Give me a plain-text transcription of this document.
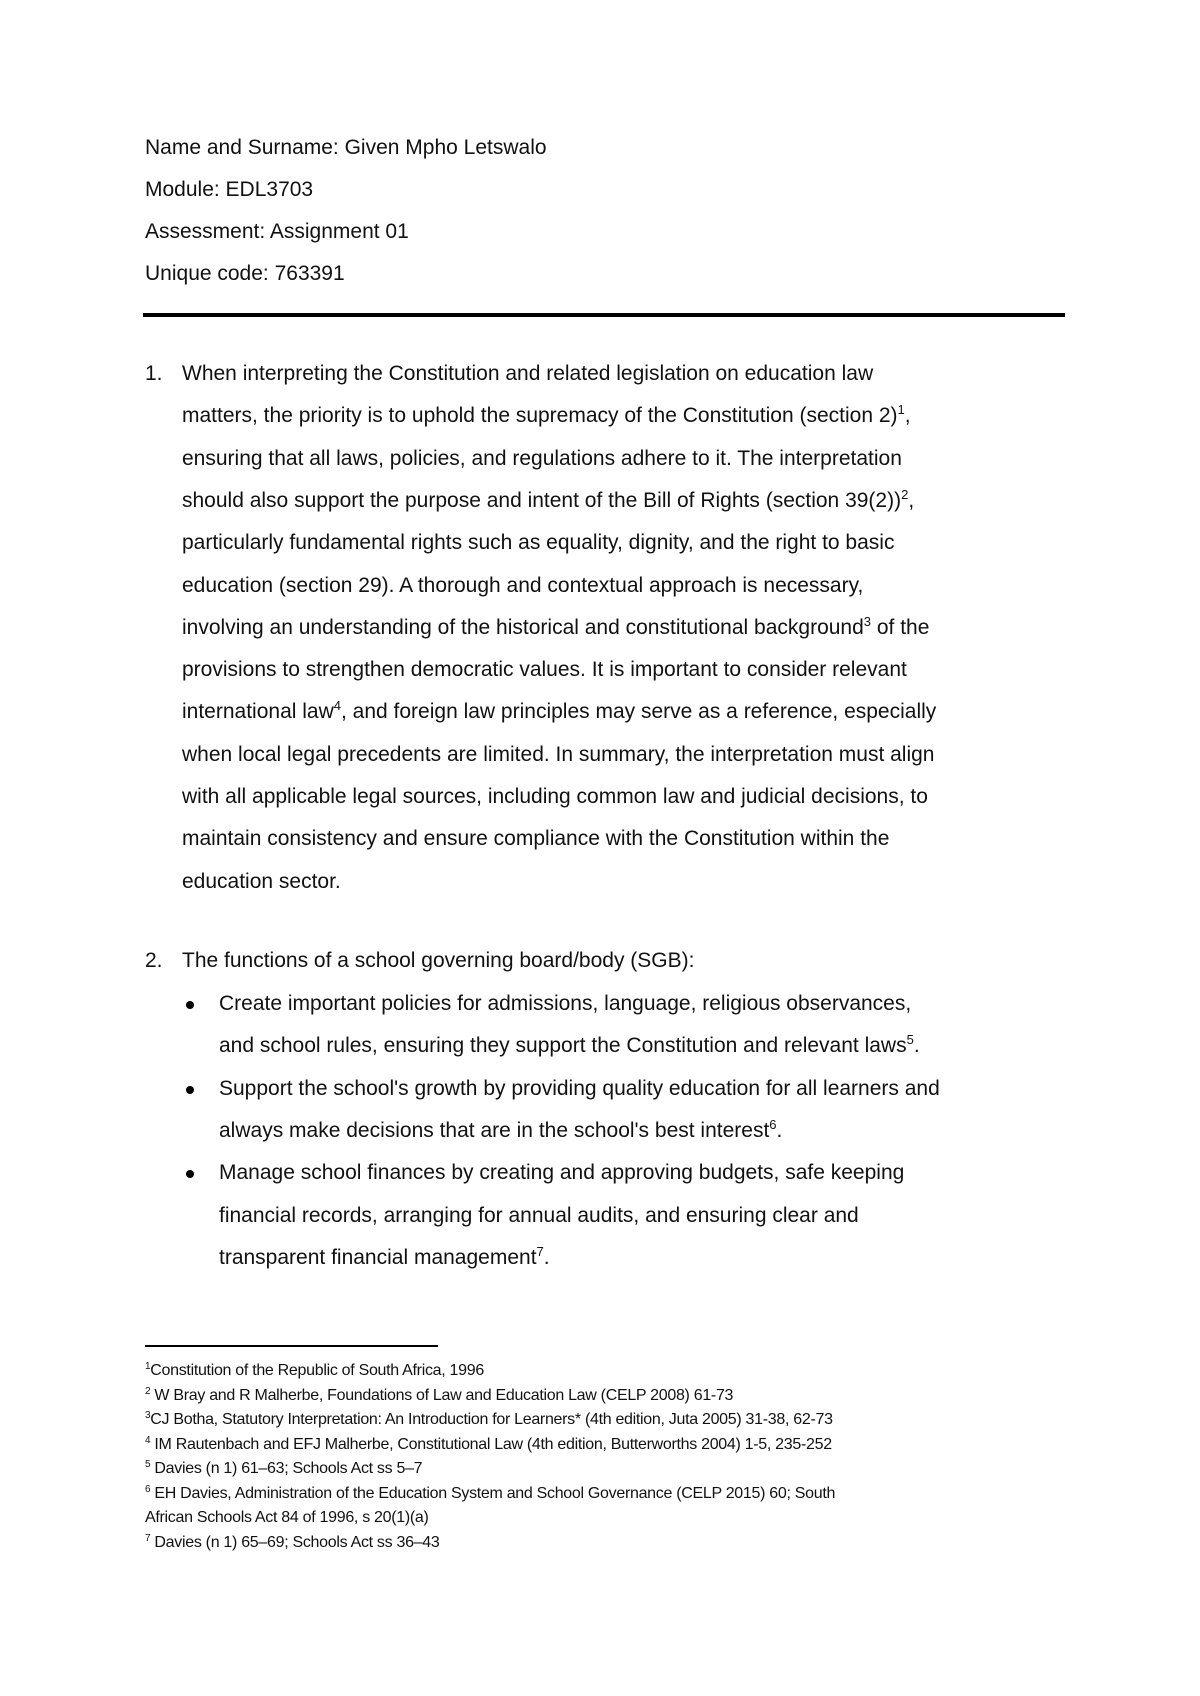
Name and Surname: Given Mpho Letswalo
Module: EDL3703
Assessment: Assignment 01
Unique code: 763391
1. When interpreting the Constitution and related legislation on education law
matters, the priority is to uphold the supremacy of the Constitution (section 2)$^1$,
ensuring that all laws, policies, and regulations adhere to it. The interpretation
should also support the purpose and intent of the Bill of Rights (section 39(2))$^2$,
particularly fundamental rights such as equality, dignity, and the right to basic
education (section 29). A thorough and contextual approach is necessary,
involving an understanding of the historical and constitutional background$^3$ of the
provisions to strengthen democratic values. It is important to consider relevant
international law$^4$, and foreign law principles may serve as a reference, especially
when local legal precedents are limited. In summary, the interpretation must align
with all applicable legal sources, including common law and judicial decisions, to
maintain consistency and ensure compliance with the Constitution within the
education sector.
2. The functions of a school governing board/body (SGB):
Create important policies for admissions, language, religious observances,
and school rules, ensuring they support the Constitution and relevant laws$^5$.
Support the school's growth by providing quality education for all learners and
always make decisions that are in the school's best interest$^6$.
Manage school finances by creating and approving budgets, safe keeping
financial records, arranging for annual audits, and ensuring clear and
transparent financial management$^7$.
$^1$Constitution of the Republic of South Africa, 1996
$^2$ W Bray and R Malherbe, Foundations of Law and Education Law (CELP 2008) 61-73
$^3$CJ Botha, Statutory Interpretation: An Introduction for Learners* (4th edition, Juta 2005) 31-38, 62-73
$^4$ IM Rautenbach and EFJ Malherbe, Constitutional Law (4th edition, Butterworths 2004) 1-5, 235-252
$^5$ Davies (n 1) 61–63; Schools Act ss 5–7
$^6$ EH Davies, Administration of the Education System and School Governance (CELP 2015) 60; South
African Schools Act 84 of 1996, s 20(1)(a)
$^7$ Davies (n 1) 65–69; Schools Act ss 36–43
